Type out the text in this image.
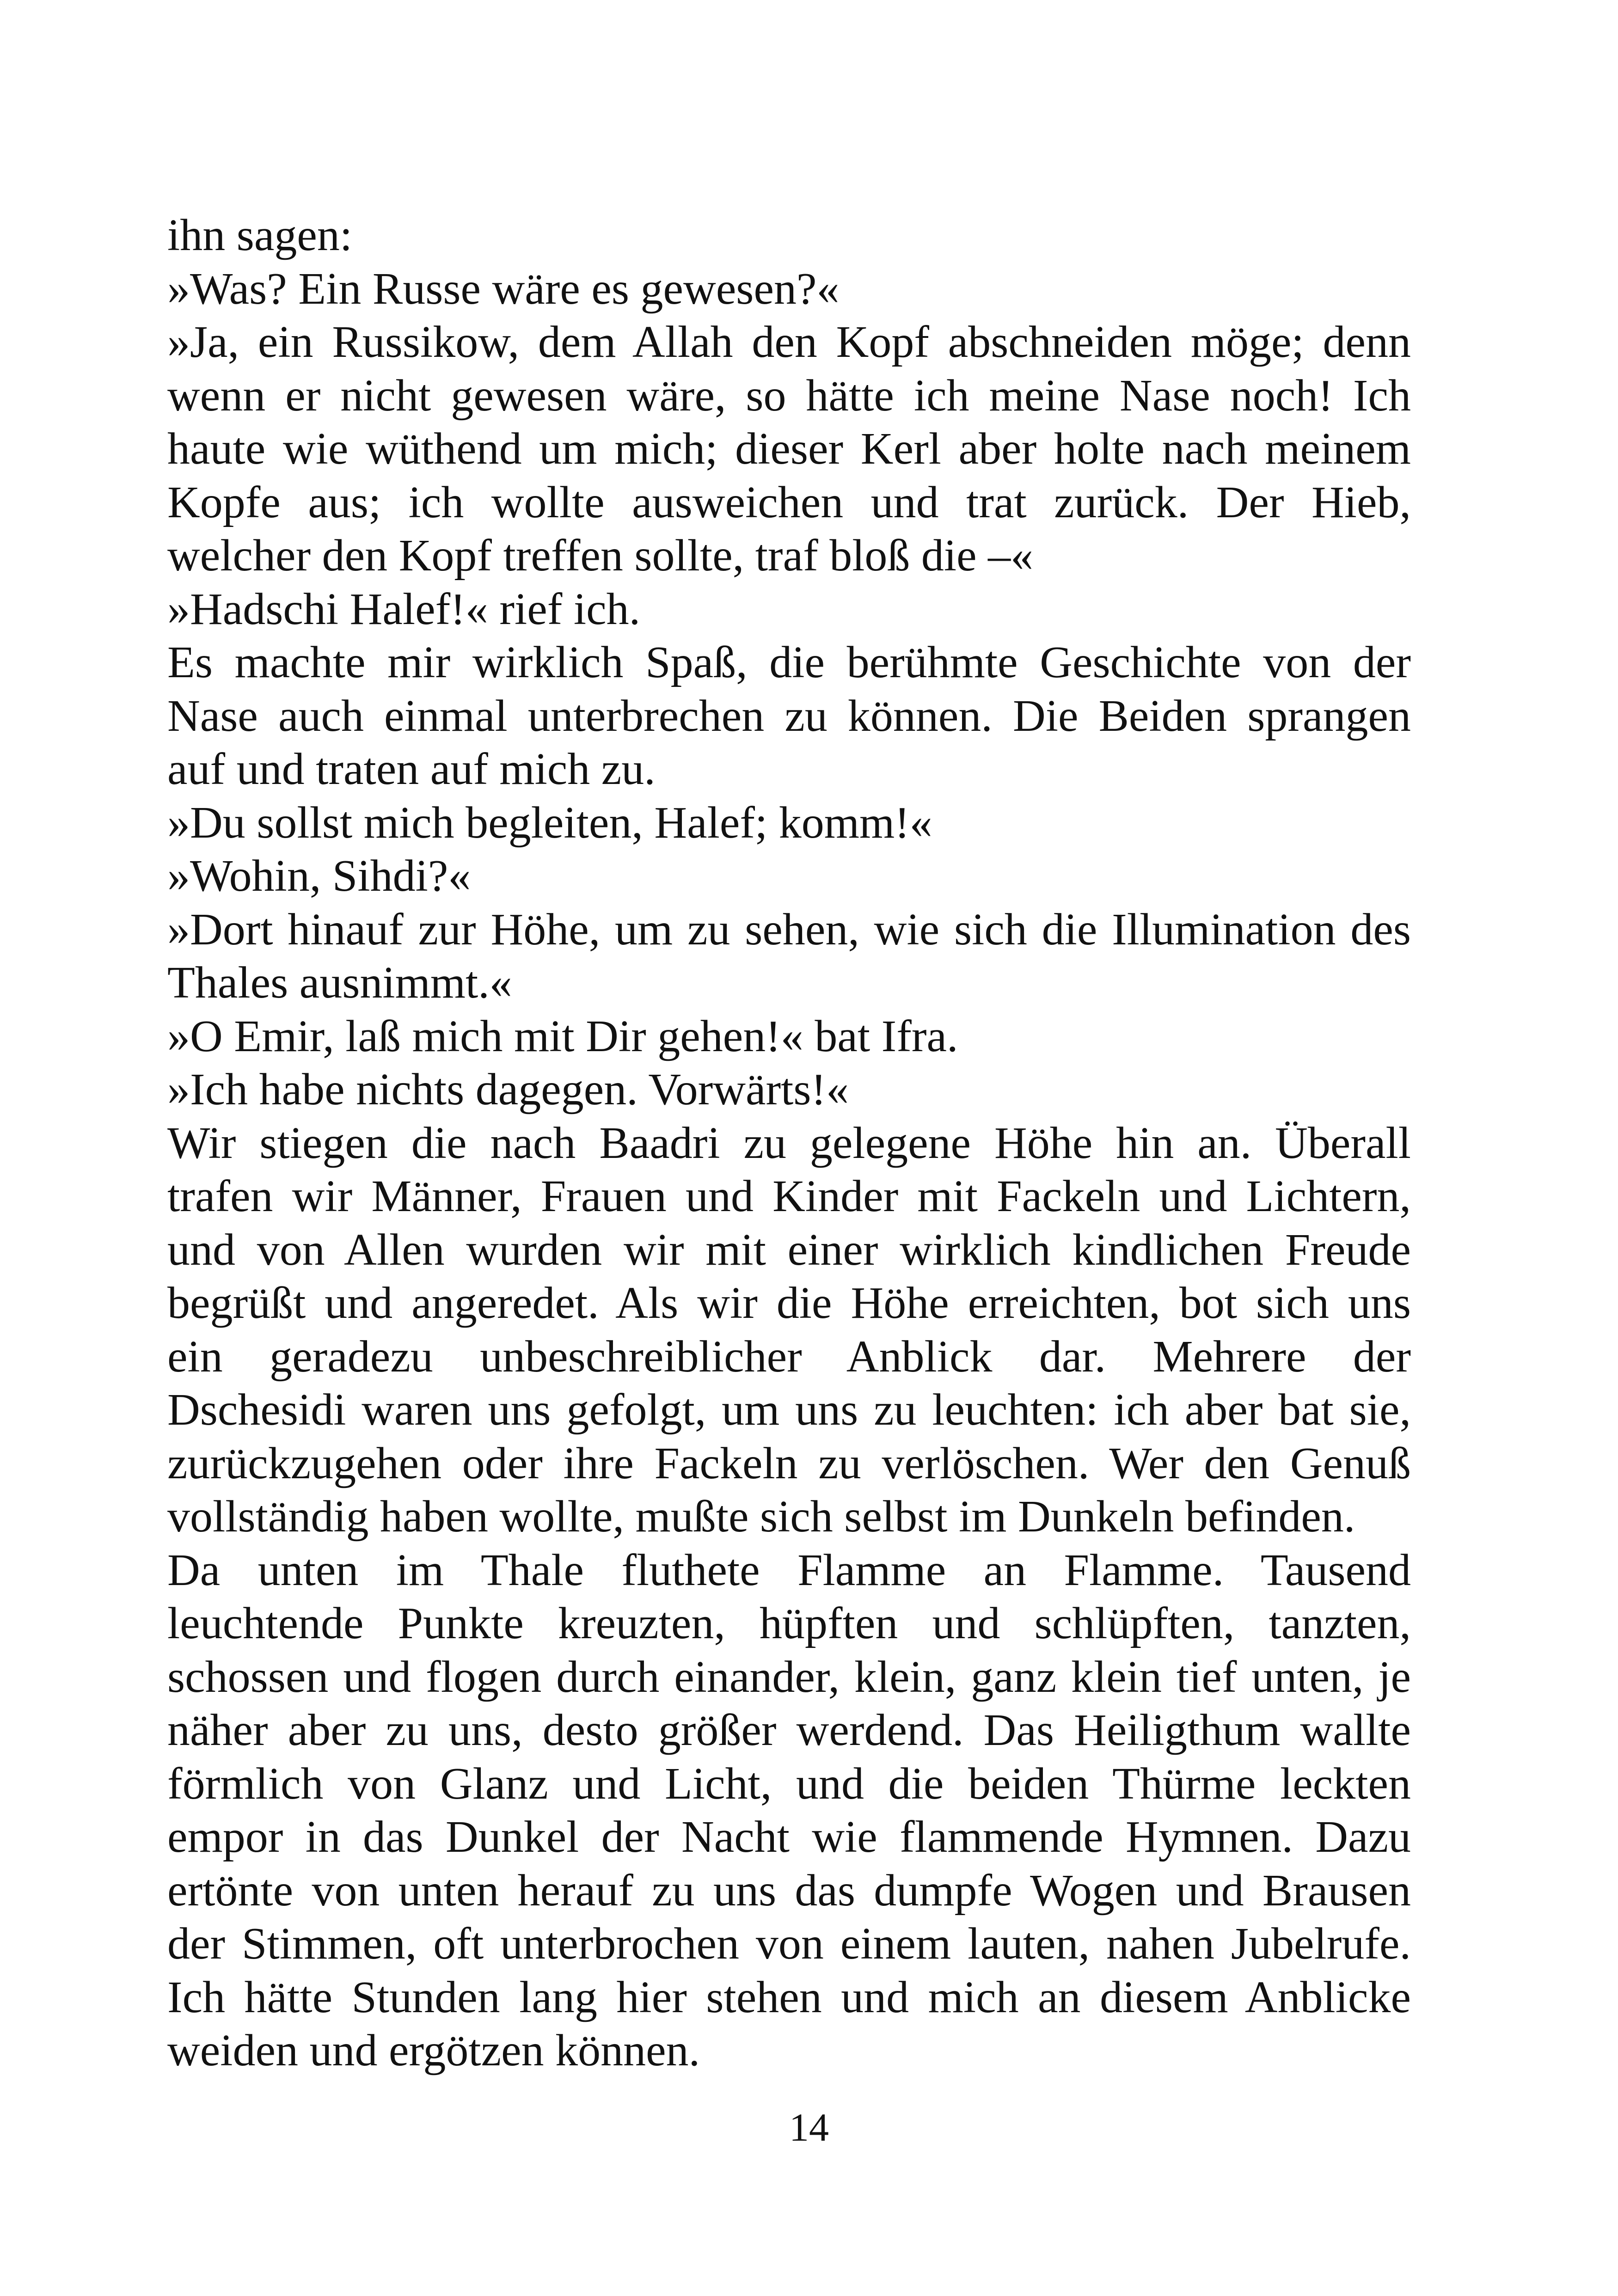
ihn sagen:
»Was? Ein Russe wäre es gewesen?«
»Ja, ein Russikow, dem Allah den Kopf abschneiden möge; denn
wenn er nicht gewesen wäre, so hätte ich meine Nase noch! Ich
haute wie wüthend um mich; dieser Kerl aber holte nach meinem
Kopfe aus; ich wollte ausweichen und trat zurück. Der Hieb,
welcher den Kopf treffen sollte, traf bloß die –«
»Hadschi Halef!« rief ich.
Es machte mir wirklich Spaß, die berühmte Geschichte von der
Nase auch einmal unterbrechen zu können. Die Beiden sprangen
auf und traten auf mich zu.
»Du sollst mich begleiten, Halef; komm!«
»Wohin, Sihdi?«
»Dort hinauf zur Höhe, um zu sehen, wie sich die Illumination des
Thales ausnimmt.«
»O Emir, laß mich mit Dir gehen!« bat Ifra.
»Ich habe nichts dagegen. Vorwärts!«
Wir stiegen die nach Baadri zu gelegene Höhe hin an. Überall
trafen wir Männer, Frauen und Kinder mit Fackeln und Lichtern,
und von Allen wurden wir mit einer wirklich kindlichen Freude
begrüßt und angeredet. Als wir die Höhe erreichten, bot sich uns
ein geradezu unbeschreiblicher Anblick dar. Mehrere der
Dschesidi waren uns gefolgt, um uns zu leuchten: ich aber bat sie,
zurückzugehen oder ihre Fackeln zu verlöschen. Wer den Genuß
vollständig haben wollte, mußte sich selbst im Dunkeln befinden.
Da unten im Thale fluthete Flamme an Flamme. Tausend
leuchtende Punkte kreuzten, hüpften und schlüpften, tanzten,
schossen und flogen durch einander, klein, ganz klein tief unten, je
näher aber zu uns, desto größer werdend. Das Heiligthum wallte
förmlich von Glanz und Licht, und die beiden Thürme leckten
empor in das Dunkel der Nacht wie flammende Hymnen. Dazu
ertönte von unten herauf zu uns das dumpfe Wogen und Brausen
der Stimmen, oft unterbrochen von einem lauten, nahen Jubelrufe.
Ich hätte Stunden lang hier stehen und mich an diesem Anblicke
weiden und ergötzen können.
14
